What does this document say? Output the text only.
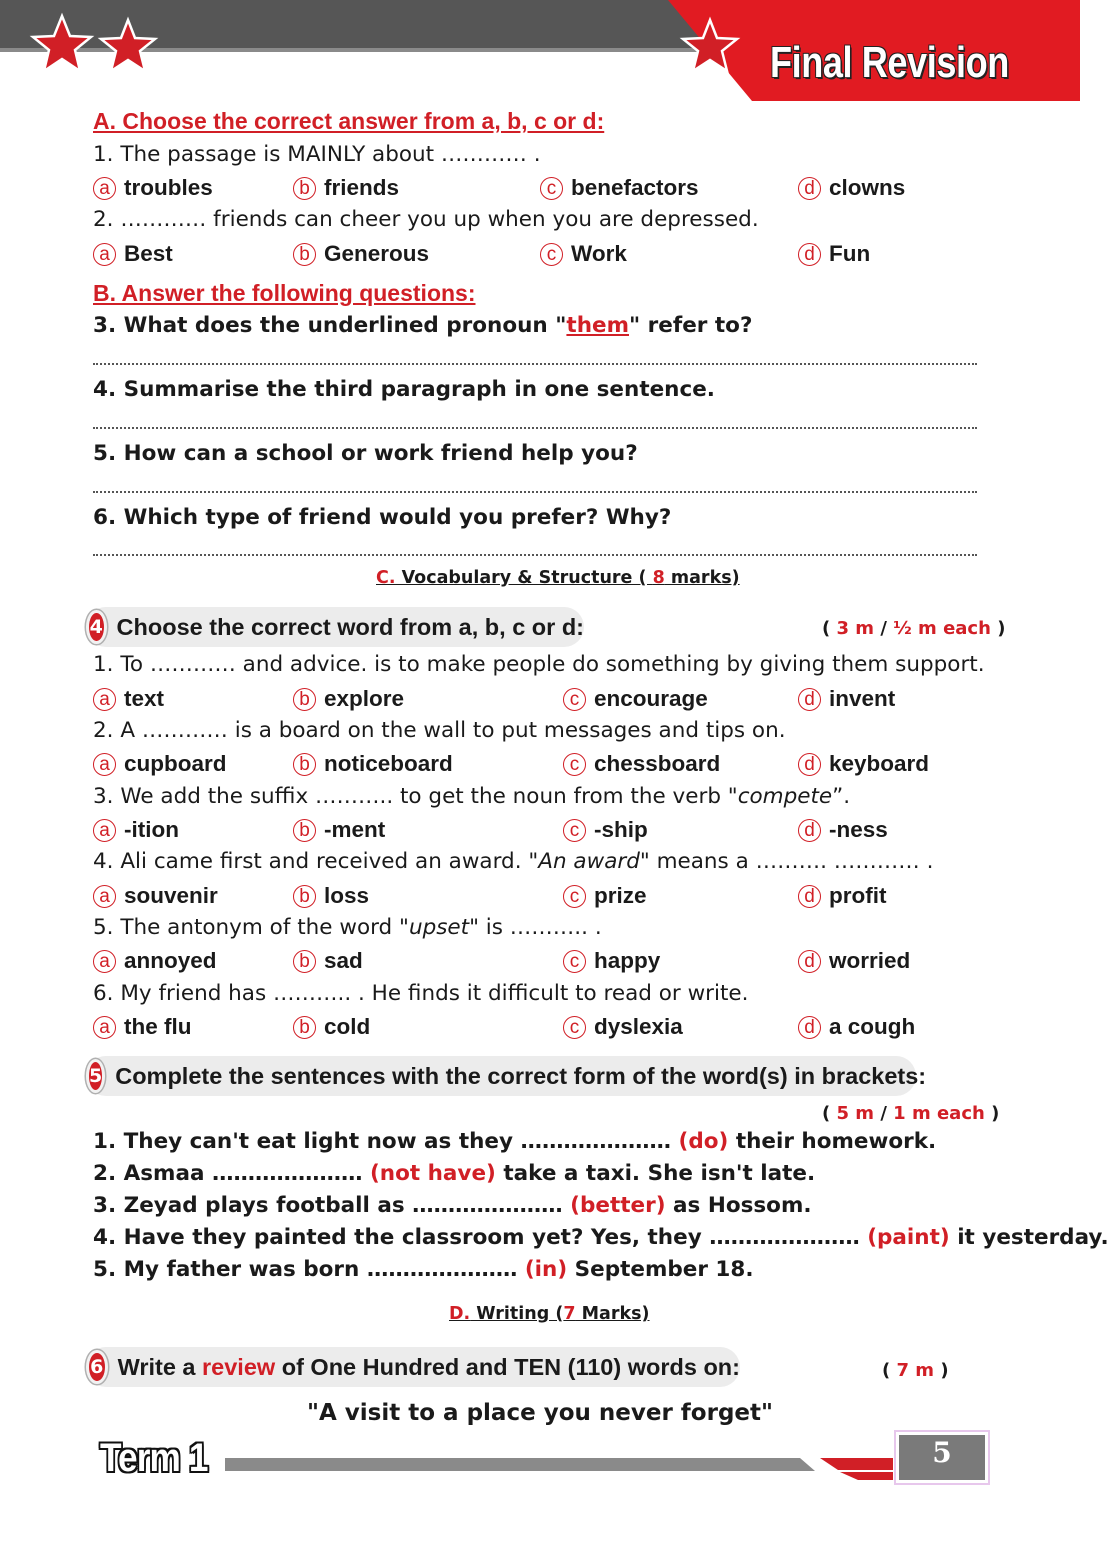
Final Revision
A. Choose the correct answer from a, b, c or d:
1. The passage is MAINLY about ………… .
a troubles	b friends	c benefactors	d clowns
2. ………… friends can cheer you up when you are depressed.
a Best	b Generous	c Work	d Fun
B. Answer the following questions:
3. What does the underlined pronoun "them" refer to?
4. Summarise the third paragraph in one sentence.
5. How can a school or work friend help you?
6. Which type of friend would you prefer? Why?
C. Vocabulary & Structure ( 8 marks)
4 Choose the correct word from a, b, c or d:	( 3 m / ½ m each )
1. To ………… and advice. is to make people do something by giving them support.
a text	b explore	c encourage	d invent
2. A ………… is a board on the wall to put messages and tips on.
a cupboard	b noticeboard	c chessboard	d keyboard
3. We add the suffix ……….. to get the noun from the verb "compete”.
a -ition	b -ment	c -ship	d -ness
4. Ali came first and received an award. "An award" means a ………. ………… .
a souvenir	b loss	c prize	d profit
5. The antonym of the word "upset" is ……….. .
a annoyed	b sad	c happy	d worried
6. My friend has ……….. . He finds it difficult to read or write.
a the flu	b cold	c dyslexia	d a cough
5 Complete the sentences with the correct form of the word(s) in brackets:
( 5 m / 1 m each )
1. They can't eat light now as they ………………… (do) their homework.
2. Asmaa ………………… (not have) take a taxi. She isn't late.
3. Zeyad plays football as ………………… (better) as Hossom.
4. Have they painted the classroom yet? Yes, they ………………… (paint) it yesterday.
5. My father was born ………………… (in) September 18.
D. Writing (7 Marks)
6 Write a review of One Hundred and TEN (110) words on:	( 7 m )
"A visit to a place you never forget"
Term 1	5
